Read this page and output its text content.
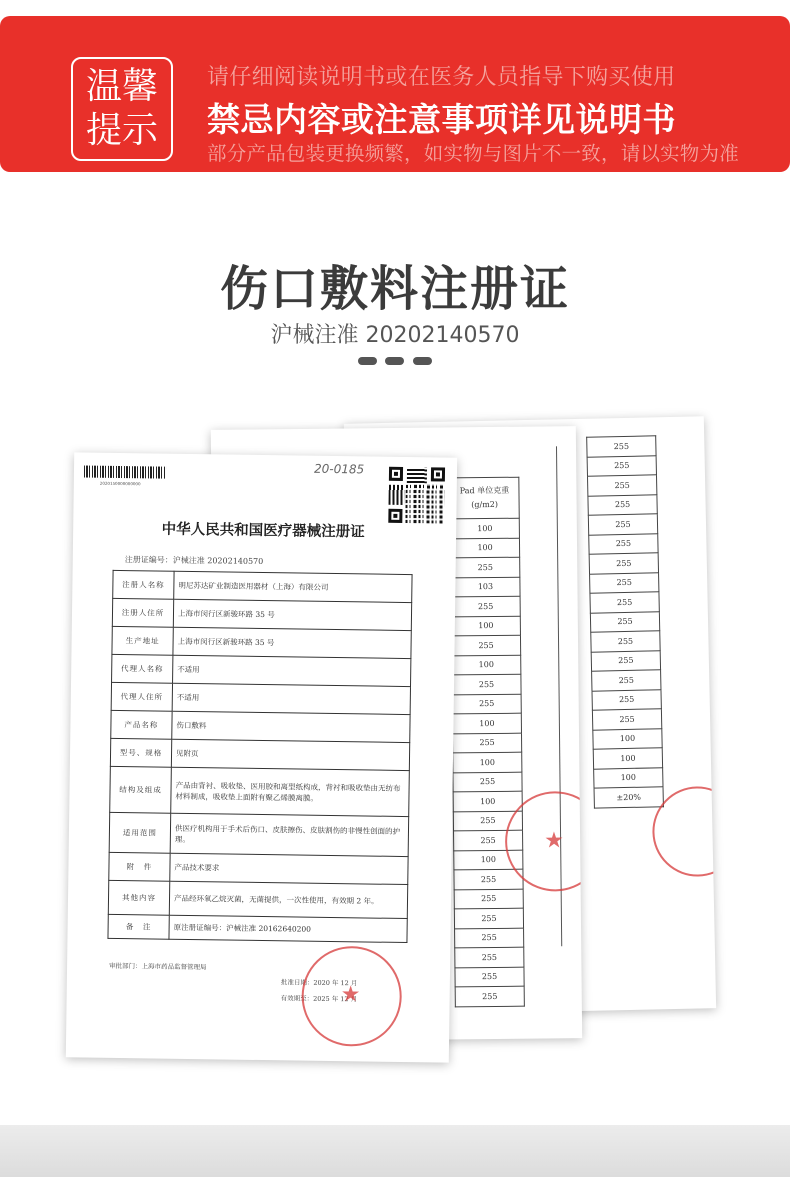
温馨
提示
请仔细阅读说明书或在医务人员指导下购买使用
禁忌内容或注意事项详见说明书
部分产品包装更换频繁，如实物与图片不一致，请以实物为准
伤口敷料注册证
沪械注准 20202140570
255
255
255
255
255
255
255
255
255
255
255
255
255
255
255
100
100
100
±20%
Pad 单位克重
(g/m2)
100
100
255
103
255
100
255
100
255
255
100
255
100
255
100
255
255
100
255
255
255
255
255
255
255
★
2020150000000000
20-0185
中华人民共和国医疗器械注册证
注册证编号：沪械注准 20202140570
注册人名称	明尼苏达矿业制造医用器材（上海）有限公司
注册人住所	上海市闵行区新骏环路 35 号
生产地址	上海市闵行区新骏环路 35 号
代理人名称	不适用
代理人住所	不适用
产品名称	伤口敷料
型号、规格	见附页
结构及组成	产品由背衬、吸收垫、医用胶和离型纸构成，背衬和吸收垫由无纺布材料制成，吸收垫上面附有聚乙烯膜离膜。
适用范围	供医疗机构用于手术后伤口、皮肤擦伤、皮肤割伤的非慢性创面的护理。
附　件	产品技术要求
其他内容	产品经环氧乙烷灭菌，无菌提供，一次性使用，有效期 2 年。
备　注	原注册证编号：沪械注准 20162640200
审批部门：上海市药品监督管理局
批准日期：2020 年 12 月
有效期至：2025 年 12 月
★
